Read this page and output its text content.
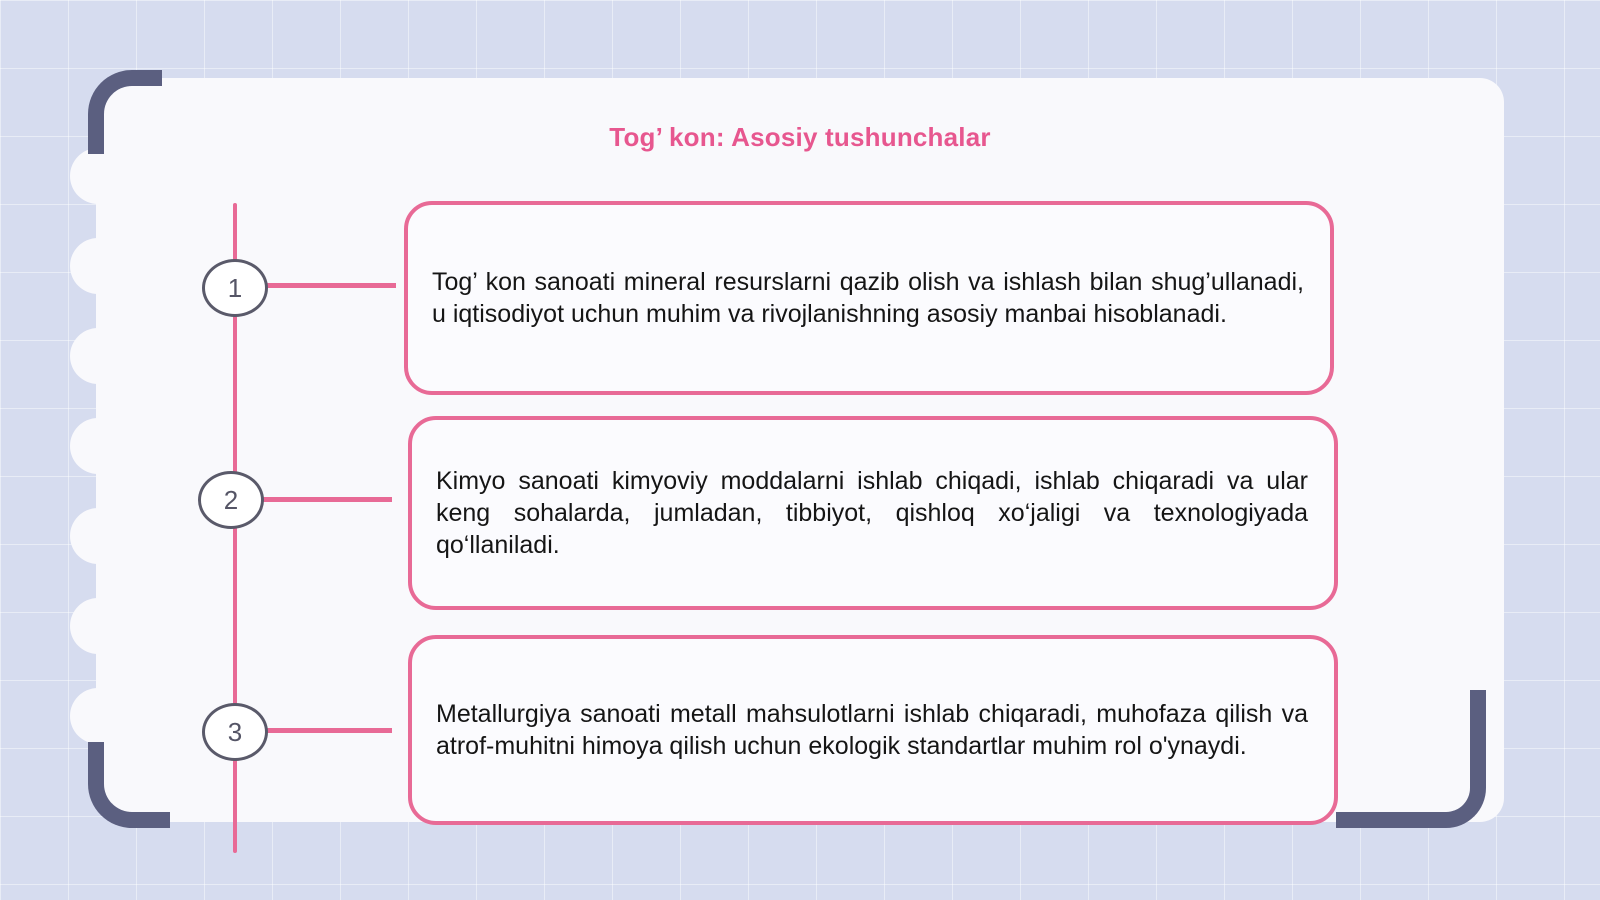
Tog’ kon: Asosiy tushunchalar
1	Tog’ kon sanoati mineral resurslarni qazib olish va ishlash bilan shug’ullanadi, u iqtisodiyot uchun muhim va rivojlanishning asosiy manbai hisoblanadi.

2

Kimyo sanoati kimyoviy moddalarni ishlab chiqadi, ishlab chiqaradi va ular keng sohalarda, jumladan, tibbiyot, qishloq xo‘jaligi va texnologiyada qo‘llaniladi.

3

Metallurgiya sanoati metall mahsulotlarni ishlab chiqaradi, muhofaza qilish va atrof-muhitni himoya qilish uchun ekologik standartlar muhim rol o'ynaydi.
